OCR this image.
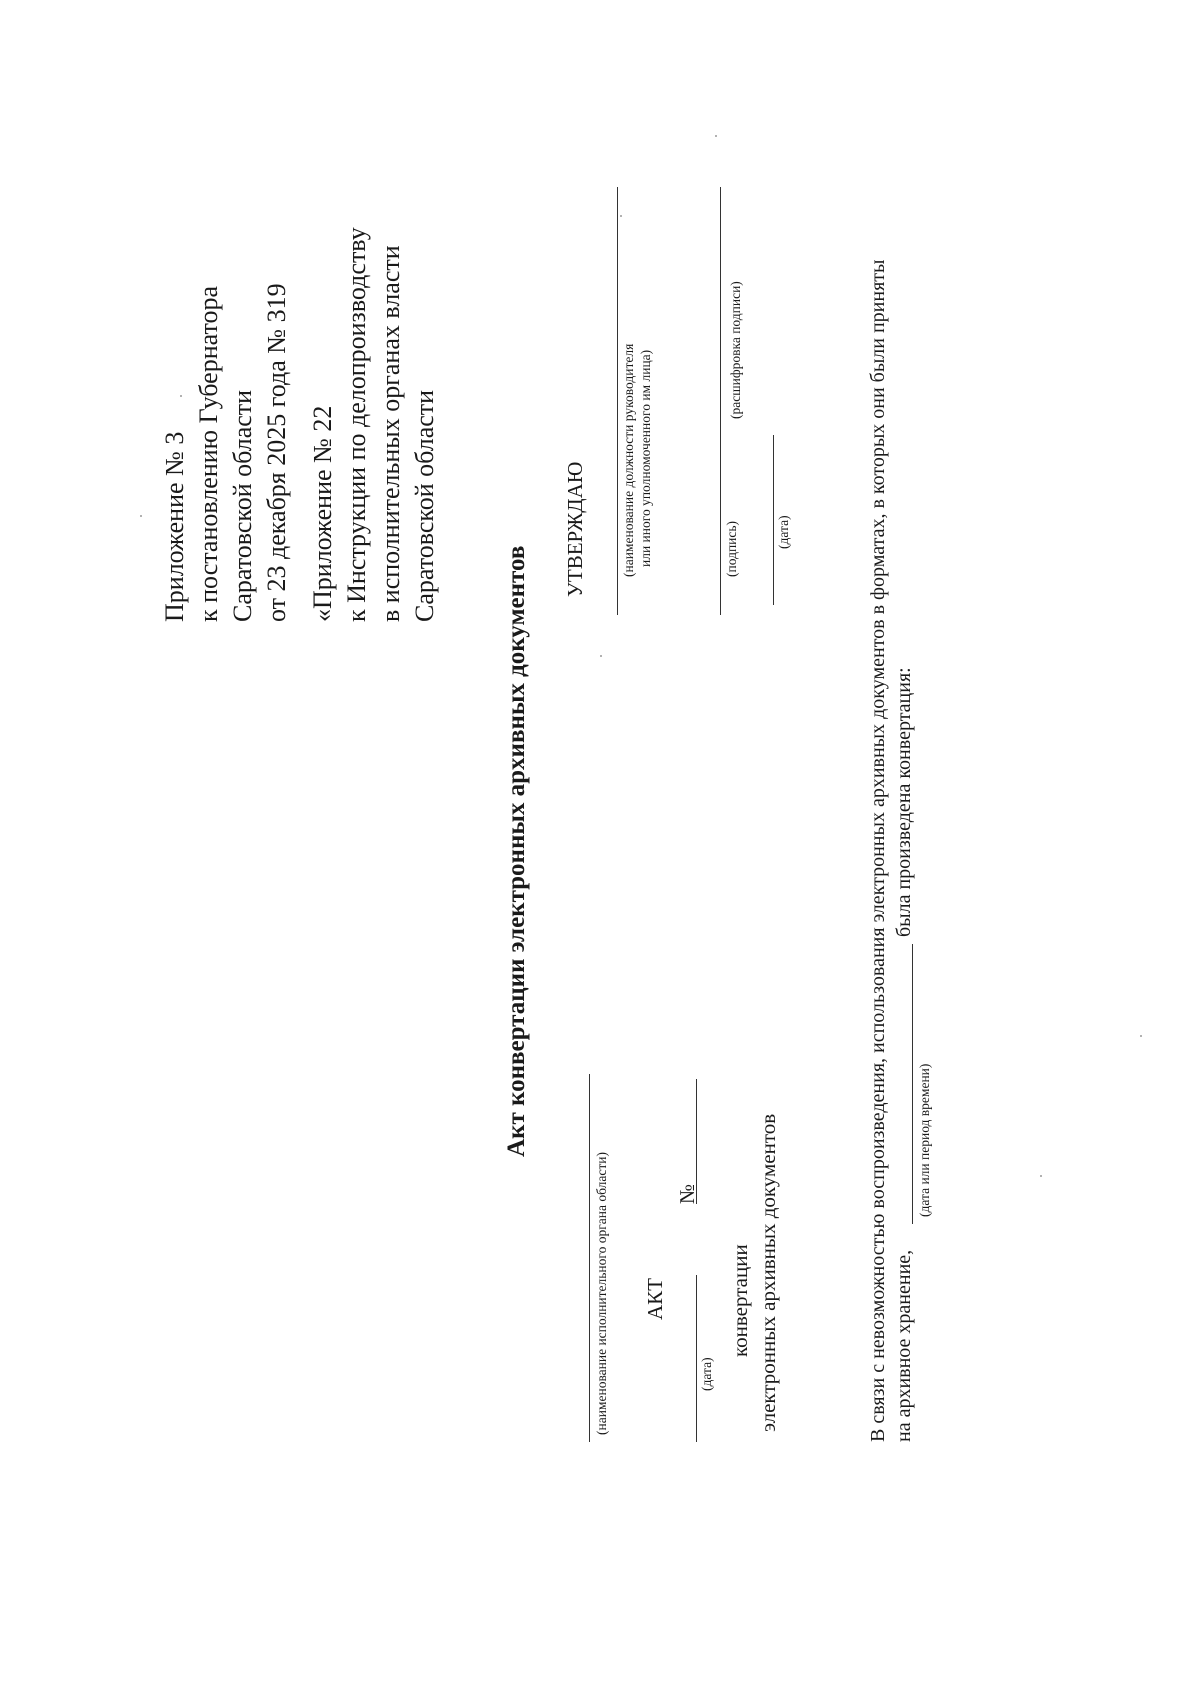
Приложение № 3 к постановлению Губернатора Саратовской области от 23 декабря 2025 года № 319 «Приложение № 22 к Инструкции по делопроизводству в исполнительных органах власти Саратовской области
Акт конвертации электронных архивных документов
УТВЕРЖДАЮ	(наименование должности руководителя или иного уполномоченного им лица)	(подпись)
(расшифровка подписи)
(дата)
(наименование исполнительного органа области) АКТ
(дата)
№
конвертации электронных архивных документов	В связи с невозможностью воспроизведения, использования электронных архивных документов в форматах, в которых они были приняты на архивное хранение,
была произведена конвертация:
(дата или период времени)
